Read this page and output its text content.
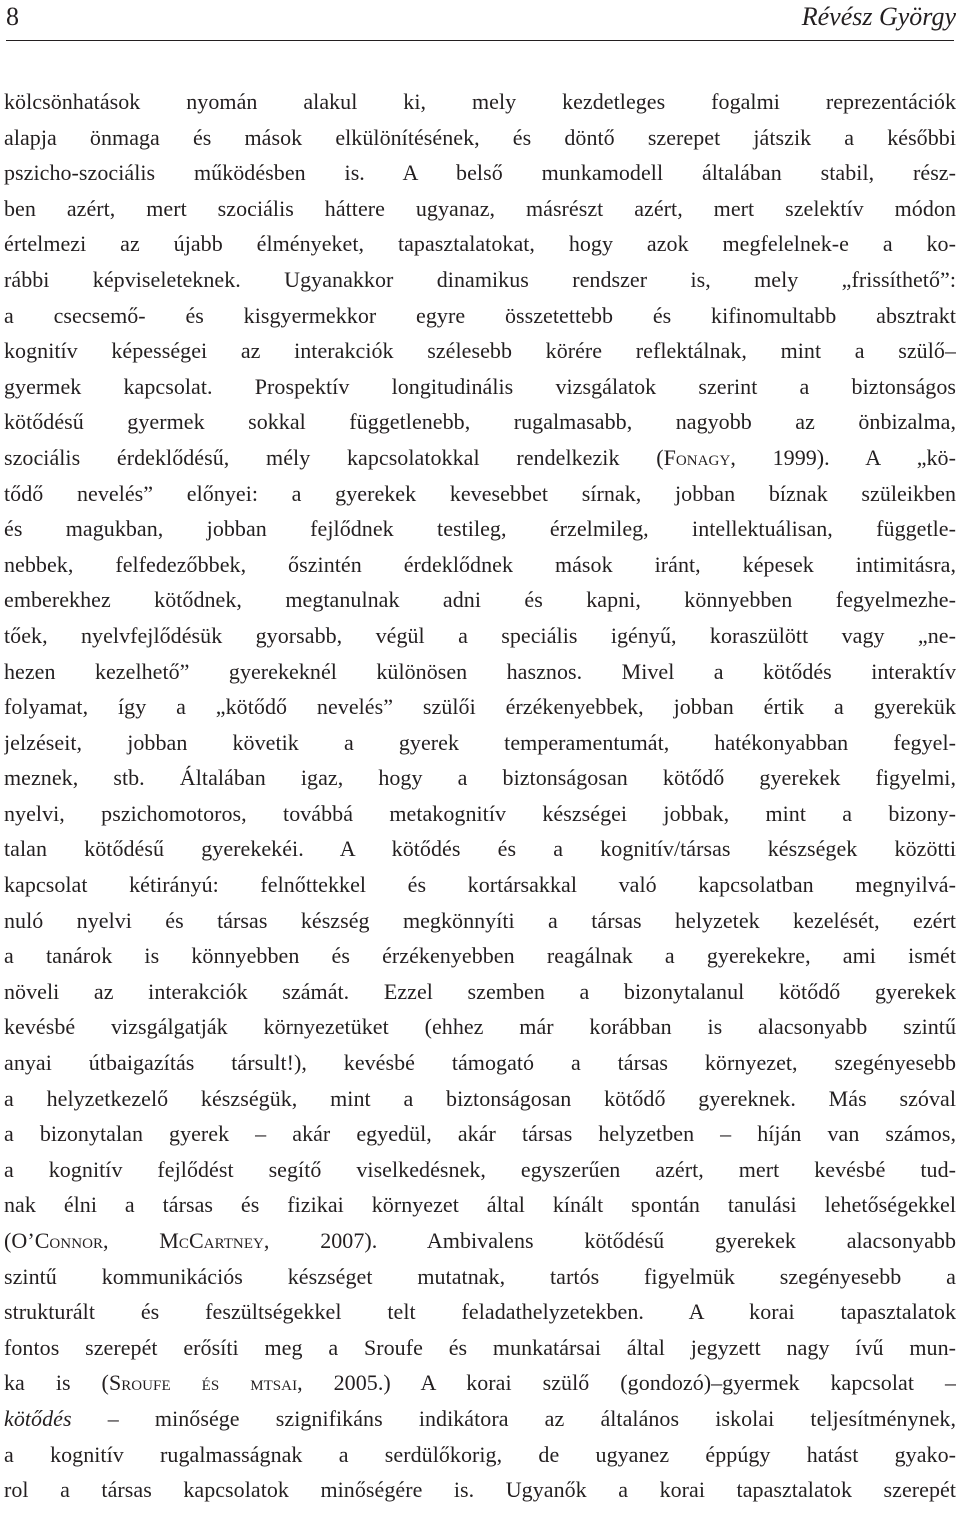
8	Révész György
kölcsönhatások nyomán alakul ki, mely kezdetleges fogalmi reprezentációk
alapja önmaga és mások elkülönítésének, és döntő szerepet játszik a későbbi
pszicho-szociális működésben is. A belső munkamodell általában stabil, rész-
ben azért, mert szociális háttere ugyanaz, másrészt azért, mert szelektív módon
értelmezi az újabb élményeket, tapasztalatokat, hogy azok megfelelnek-e a ko-
rábbi képviseleteknek. Ugyanakkor dinamikus rendszer is, mely „frissíthető”:
a csecsemő- és kisgyermekkor egyre összetettebb és kifinomultabb absztrakt
kognitív képességei az interakciók szélesebb körére reflektálnak, mint a szülő–
gyermek kapcsolat. Prospektív longitudinális vizsgálatok szerint a biztonságos
kötődésű gyermek sokkal függetlenebb, rugalmasabb, nagyobb az önbizalma,
szociális érdeklődésű, mély kapcsolatokkal rendelkezik (Fonagy, 1999). A „kö-
tődő nevelés” előnyei: a gyerekek kevesebbet sírnak, jobban bíznak szüleikben
és magukban, jobban fejlődnek testileg, érzelmileg, intellektuálisan, függetle-
nebbek, felfedezőbbek, őszintén érdeklődnek mások iránt, képesek intimitásra,
emberekhez kötődnek, megtanulnak adni és kapni, könnyebben fegyelmezhe-
tőek, nyelvfejlődésük gyorsabb, végül a speciális igényű, koraszülött vagy „ne-
hezen kezelhető” gyerekeknél különösen hasznos. Mivel a kötődés interaktív
folyamat, így a „kötődő nevelés” szülői érzékenyebbek, jobban értik a gyerekük
jelzéseit, jobban követik a gyerek temperamentumát, hatékonyabban fegyel-
meznek, stb. Általában igaz, hogy a biztonságosan kötődő gyerekek figyelmi,
nyelvi, pszichomotoros, továbbá metakognitív készségei jobbak, mint a bizony-
talan kötődésű gyerekekéi. A kötődés és a kognitív/társas készségek közötti
kapcsolat kétirányú: felnőttekkel és kortársakkal való kapcsolatban megnyilvá-
nuló nyelvi és társas készség megkönnyíti a társas helyzetek kezelését, ezért
a tanárok is könnyebben és érzékenyebben reagálnak a gyerekekre, ami ismét
növeli az interakciók számát. Ezzel szemben a bizonytalanul kötődő gyerekek
kevésbé vizsgálgatják környezetüket (ehhez már korábban is alacsonyabb szintű
anyai útbaigazítás társult!), kevésbé támogató a társas környezet, szegényesebb
a helyzetkezelő készségük, mint a biztonságosan kötődő gyereknek. Más szóval
a bizonytalan gyerek – akár egyedül, akár társas helyzetben – híján van számos,
a kognitív fejlődést segítő viselkedésnek, egyszerűen azért, mert kevésbé tud-
nak élni a társas és fizikai környezet által kínált spontán tanulási lehetőségekkel
(O’Connor, McCartney, 2007). Ambivalens kötődésű gyerekek alacsonyabb
szintű kommunikációs készséget mutatnak, tartós figyelmük szegényesebb a
strukturált és feszültségekkel telt feladathelyzetekben. A korai tapasztalatok
fontos szerepét erősíti meg a Sroufe és munkatársai által jegyzett nagy ívű mun-
ka is (Sroufe és mtsai, 2005.) A korai szülő (gondozó)–gyermek kapcsolat –
kötődés – minősége szignifikáns indikátora az általános iskolai teljesítménynek,
a kognitív rugalmasságnak a serdülőkorig, de ugyanez éppúgy hatást gyako-
rol a társas kapcsolatok minőségére is. Ugyanők a korai tapasztalatok szerepét
